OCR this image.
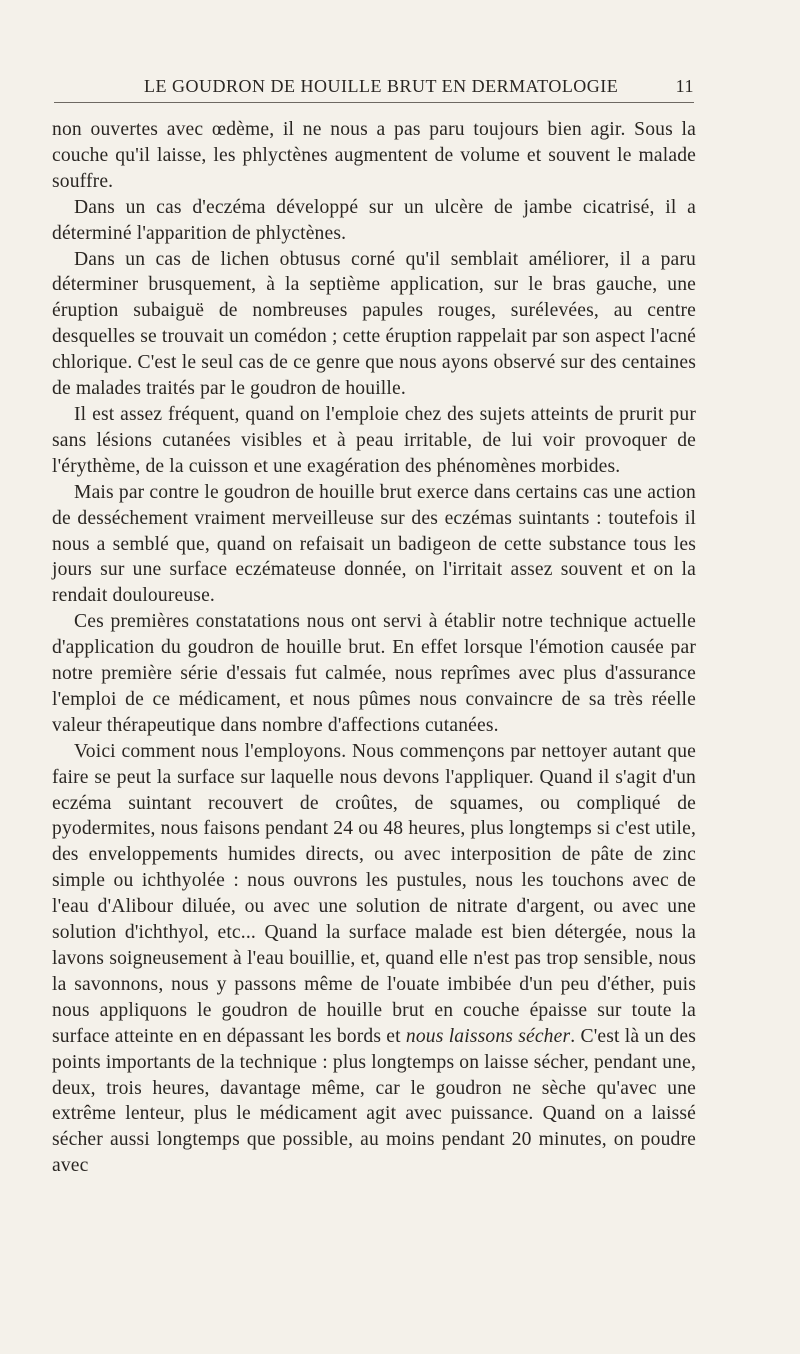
LE GOUDRON DE HOUILLE BRUT EN DERMATOLOGIE	11

non ouvertes avec œdème, il ne nous a pas paru toujours bien agir. Sous la couche qu'il laisse, les phlyctènes augmentent de volume et souvent le malade souffre.

Dans un cas d'eczéma développé sur un ulcère de jambe cicatrisé, il a déterminé l'apparition de phlyctènes.

Dans un cas de lichen obtusus corné qu'il semblait améliorer, il a paru déterminer brusquement, à la septième application, sur le bras gauche, une éruption subaiguë de nombreuses papules rouges, surélevées, au centre desquelles se trouvait un comédon ; cette éruption rappelait par son aspect l'acné chlorique. C'est le seul cas de ce genre que nous ayons observé sur des centaines de malades traités par le goudron de houille.

Il est assez fréquent, quand on l'emploie chez des sujets atteints de prurit pur sans lésions cutanées visibles et à peau irritable, de lui voir provoquer de l'érythème, de la cuisson et une exagération des phénomènes morbides.

Mais par contre le goudron de houille brut exerce dans certains cas une action de desséchement vraiment merveilleuse sur des eczémas suintants : toutefois il nous a semblé que, quand on refaisait un badigeon de cette substance tous les jours sur une surface eczémateuse donnée, on l'irritait assez souvent et on la rendait douloureuse.

Ces premières constatations nous ont servi à établir notre technique actuelle d'application du goudron de houille brut. En effet lorsque l'émotion causée par notre première série d'essais fut calmée, nous reprîmes avec plus d'assurance l'emploi de ce médicament, et nous pûmes nous convaincre de sa très réelle valeur thérapeutique dans nombre d'affections cutanées.

Voici comment nous l'employons. Nous commençons par nettoyer autant que faire se peut la surface sur laquelle nous devons l'appliquer. Quand il s'agit d'un eczéma suintant recouvert de croûtes, de squames, ou compliqué de pyodermites, nous faisons pendant 24 ou 48 heures, plus longtemps si c'est utile, des enveloppements humides directs, ou avec interposition de pâte de zinc simple ou ichthyolée : nous ouvrons les pustules, nous les touchons avec de l'eau d'Alibour diluée, ou avec une solution de nitrate d'argent, ou avec une solution d'ichthyol, etc... Quand la surface malade est bien détergée, nous la lavons soigneusement à l'eau bouillie, et, quand elle n'est pas trop sensible, nous la savonnons, nous y passons même de l'ouate imbibée d'un peu d'éther, puis nous appliquons le goudron de houille brut en couche épaisse sur toute la surface atteinte en en dépassant les bords et nous laissons sécher. C'est là un des points importants de la technique : plus longtemps on laisse sécher, pendant une, deux, trois heures, davantage même, car le goudron ne sèche qu'avec une extrême lenteur, plus le médicament agit avec puissance. Quand on a laissé sécher aussi longtemps que possible, au moins pendant 20 minutes, on poudre avec
